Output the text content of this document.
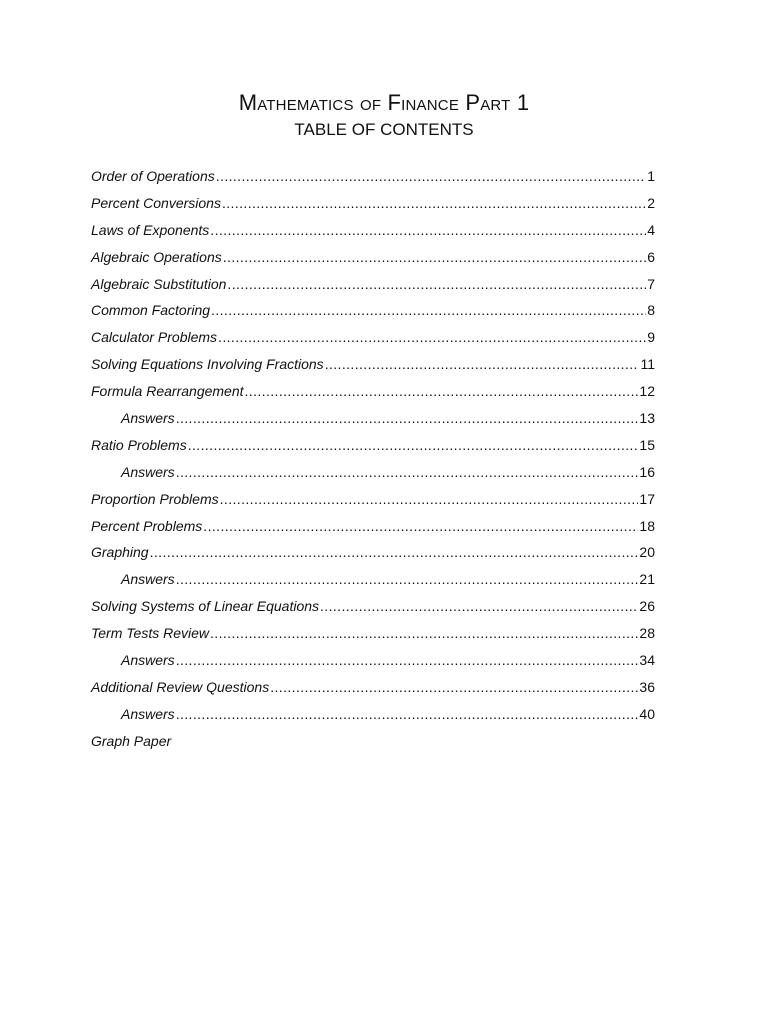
Mathematics of Finance Part 1
TABLE OF CONTENTS
Order of Operations .....	1
Percent Conversions .....	2
Laws of Exponents .....	4
Algebraic Operations .....	6
Algebraic Substitution .....	7
Common Factoring .....	8
Calculator Problems .....	9
Solving Equations Involving Fractions .....	11
Formula Rearrangement .....	12
Answers .....	13
Ratio Problems .....	15
Answers .....	16
Proportion Problems .....	17
Percent Problems .....	18
Graphing .....	20
Answers .....	21
Solving Systems of Linear Equations .....	26
Term Tests Review .....	28
Answers .....	34
Additional Review Questions .....	36
Answers .....	40
Graph Paper
